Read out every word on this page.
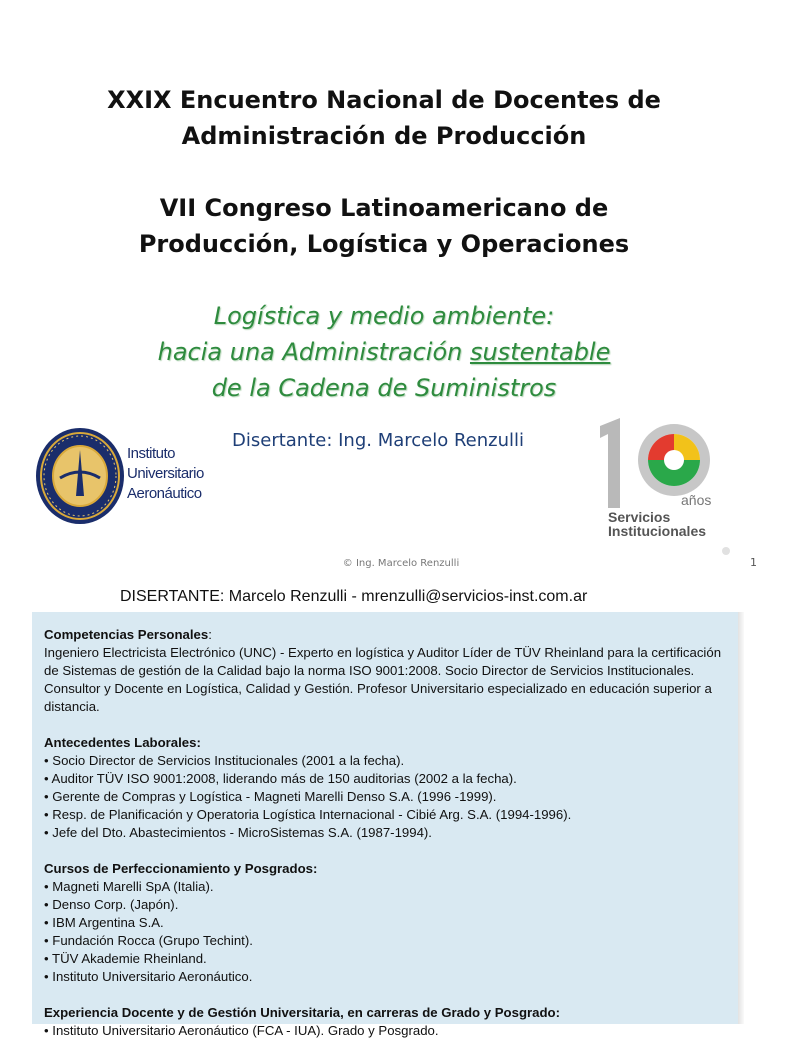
XXIX Encuentro Nacional de Docentes de
Administración de Producción
VII Congreso Latinoamericano de
Producción, Logística y Operaciones
Logística y medio ambiente:
hacia una Administración sustentable
de la Cadena de Suministros
Instituto
Universitario
Aeronáutico
Disertante: Ing. Marcelo Renzulli
años
Servicios
Institucionales
© Ing. Marcelo Renzulli	1
DISERTANTE: Marcelo Renzulli - mrenzulli@servicios-inst.com.ar
Competencias Personales:
Ingeniero Electricista Electrónico (UNC) - Experto en logística y Auditor Líder de TÜV Rheinland para la certificación de Sistemas de gestión de la Calidad bajo la norma ISO 9001:2008. Socio Director de Servicios Institucionales. Consultor y Docente en Logística, Calidad y Gestión. Profesor Universitario especializado en educación superior a distancia.
Antecedentes Laborales:
• Socio Director de Servicios Institucionales (2001 a la fecha).
• Auditor TÜV ISO 9001:2008, liderando más de 150 auditorias (2002 a la fecha).
• Gerente de Compras y Logística - Magneti Marelli Denso S.A. (1996 -1999).
• Resp. de Planificación y Operatoria Logística Internacional - Cibié Arg. S.A. (1994-1996).
• Jefe del Dto. Abastecimientos - MicroSistemas S.A. (1987-1994).
Cursos de Perfeccionamiento y Posgrados:
• Magneti Marelli SpA (Italia).
• Denso Corp. (Japón).
• IBM Argentina S.A.
• Fundación Rocca (Grupo Techint).
• TÜV Akademie Rheinland.
• Instituto Universitario Aeronáutico.
Experiencia Docente y de Gestión Universitaria, en carreras de Grado y Posgrado:
• Instituto Universitario Aeronáutico (FCA - IUA). Grado y Posgrado.
